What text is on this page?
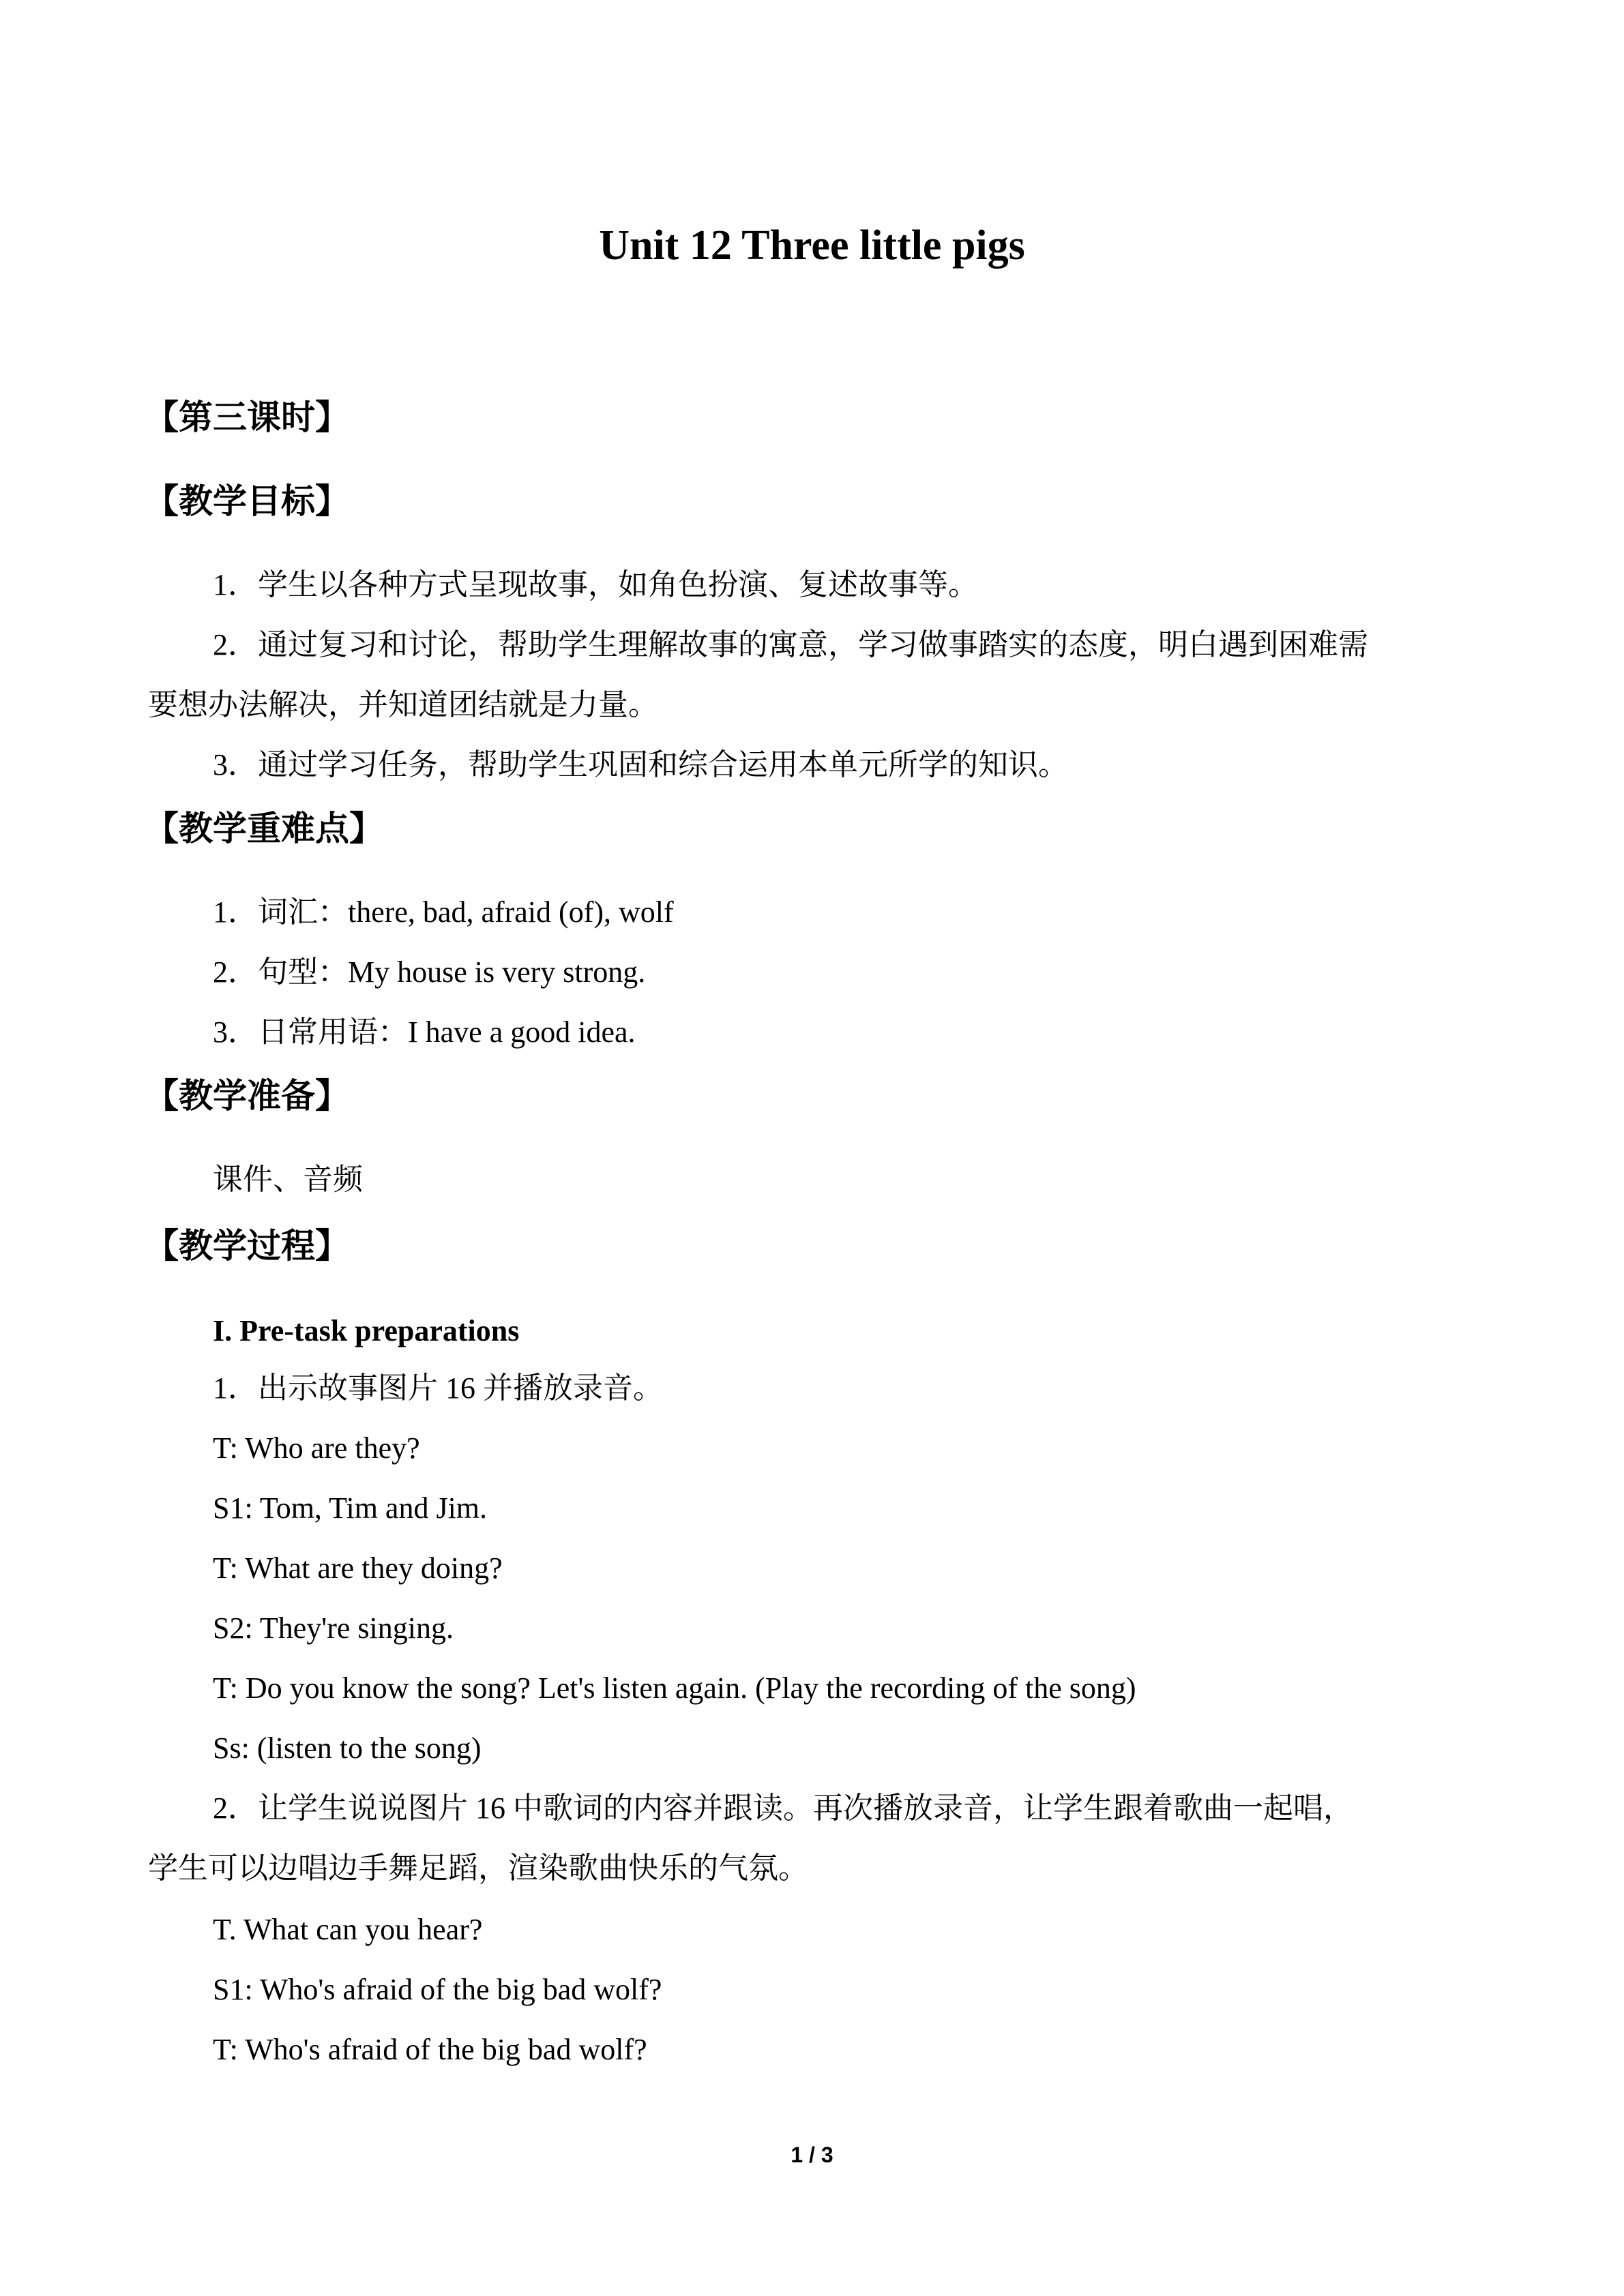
Unit 12 Three little pigs
【第三课时】
【教学目标】
1．学生以各种方式呈现故事，如角色扮演、复述故事等。
2．通过复习和讨论，帮助学生理解故事的寓意，学习做事踏实的态度，明白遇到困难需
要想办法解决，并知道团结就是力量。
3．通过学习任务，帮助学生巩固和综合运用本单元所学的知识。
【教学重难点】
1．词汇：there, bad, afraid (of), wolf
2．句型：My house is very strong.
3．日常用语：I have a good idea.
【教学准备】
课件、音频
【教学过程】
I. Pre-task preparations
1．出示故事图片 16 并播放录音。
T: Who are they?
S1: Tom, Tim and Jim.
T: What are they doing?
S2: They're singing.
T: Do you know the song? Let's listen again. (Play the recording of the song)
Ss: (listen to the song)
2．让学生说说图片 16 中歌词的内容并跟读。再次播放录音，让学生跟着歌曲一起唱，
学生可以边唱边手舞足蹈，渲染歌曲快乐的气氛。
T. What can you hear?
S1: Who's afraid of the big bad wolf?
T: Who's afraid of the big bad wolf?
1 / 3
